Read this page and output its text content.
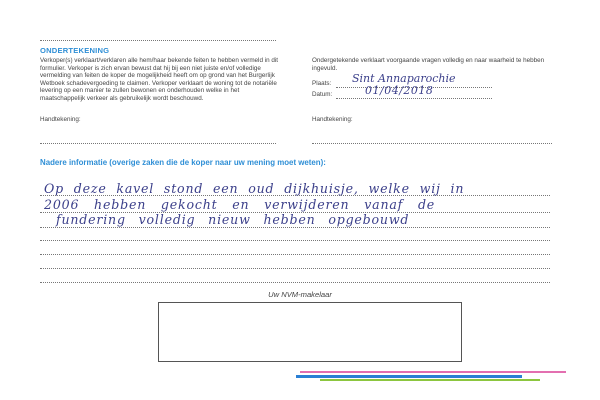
ONDERTEKENING
Verkoper(s) verklaart/verklaren alle hem/haar bekende feiten te hebben vermeld in dit formulier. Verkoper is zich ervan bewust dat hij bij een niet juiste en/of volledige vermelding van feiten de koper de mogelijkheid heeft om op grond van het Burgerlijk Wetboek schadevergoeding te claimen. Verkoper verklaart de woning tot de notariële levering op een manier te zullen bewonen en onderhouden welke in het maatschappelijk verkeer als gebruikelijk wordt beschouwd.
Handtekening:
Ondergetekende verklaart voorgaande vragen volledig en naar waarheid te hebben ingevuld.
Plaats: Sint Annaparochie
Datum:	01/04/2018
Handtekening:
Nadere informatie (overige zaken die de koper naar uw mening moet weten):
Op deze kavel stond een oud dijkhuisje, welke wij in
2006 hebben gekocht en verwijderen vanaf de
fundering volledig nieuw hebben opgebouwd
Uw NVM-makelaar
